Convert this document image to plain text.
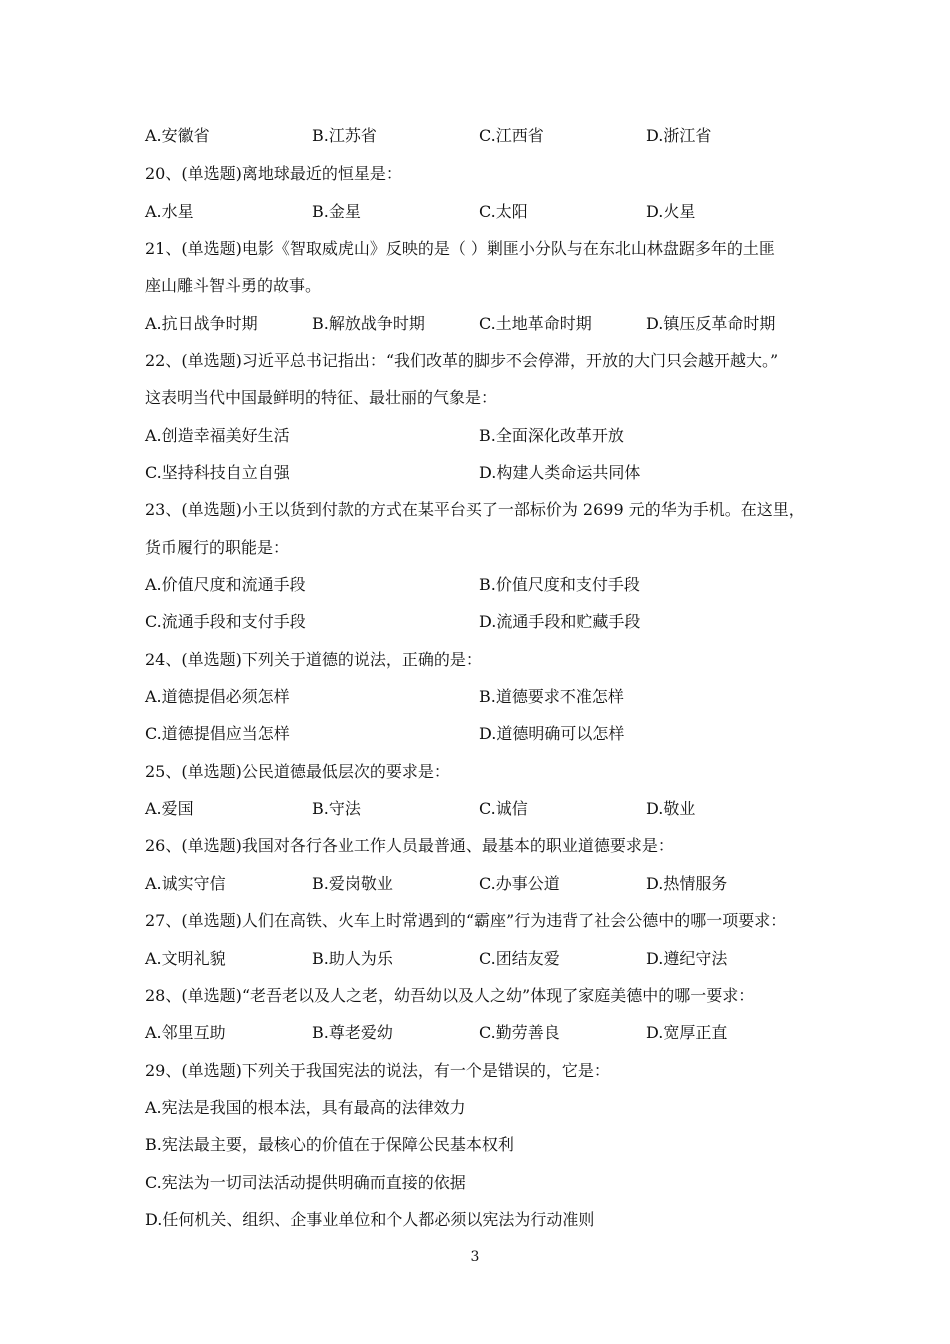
A.安徽省	B.江苏省	C.江西省	D.浙江省
20、(单选题)离地球最近的恒星是：
A.水星	B.金星	C.太阳	D.火星
21、(单选题)电影《智取威虎山》反映的是（ ）剿匪小分队与在东北山林盘踞多年的土匪
座山雕斗智斗勇的故事。
A.抗日战争时期	B.解放战争时期	C.土地革命时期	D.镇压反革命时期
22、(单选题)习近平总书记指出：“我们改革的脚步不会停滞，开放的大门只会越开越大。”
这表明当代中国最鲜明的特征、最壮丽的气象是：
A.创造幸福美好生活	B.全面深化改革开放
C.坚持科技自立自强	D.构建人类命运共同体
23、(单选题)小王以货到付款的方式在某平台买了一部标价为 2699 元的华为手机。在这里，
货币履行的职能是：
A.价值尺度和流通手段	B.价值尺度和支付手段
C.流通手段和支付手段	D.流通手段和贮藏手段
24、(单选题)下列关于道德的说法，正确的是：
A.道德提倡必须怎样	B.道德要求不准怎样
C.道德提倡应当怎样	D.道德明确可以怎样
25、(单选题)公民道德最低层次的要求是：
A.爱国	B.守法	C.诚信	D.敬业
26、(单选题)我国对各行各业工作人员最普通、最基本的职业道德要求是：
A.诚实守信	B.爱岗敬业	C.办事公道	D.热情服务
27、(单选题)人们在高铁、火车上时常遇到的“霸座”行为违背了社会公德中的哪一项要求：
A.文明礼貌	B.助人为乐	C.团结友爱	D.遵纪守法
28、(单选题)“老吾老以及人之老，幼吾幼以及人之幼”体现了家庭美德中的哪一要求：
A.邻里互助	B.尊老爱幼	C.勤劳善良	D.宽厚正直
29、(单选题)下列关于我国宪法的说法，有一个是错误的，它是：
A.宪法是我国的根本法，具有最高的法律效力
B.宪法最主要，最核心的价值在于保障公民基本权利
C.宪法为一切司法活动提供明确而直接的依据
D.任何机关、组织、企事业单位和个人都必须以宪法为行动准则
3
